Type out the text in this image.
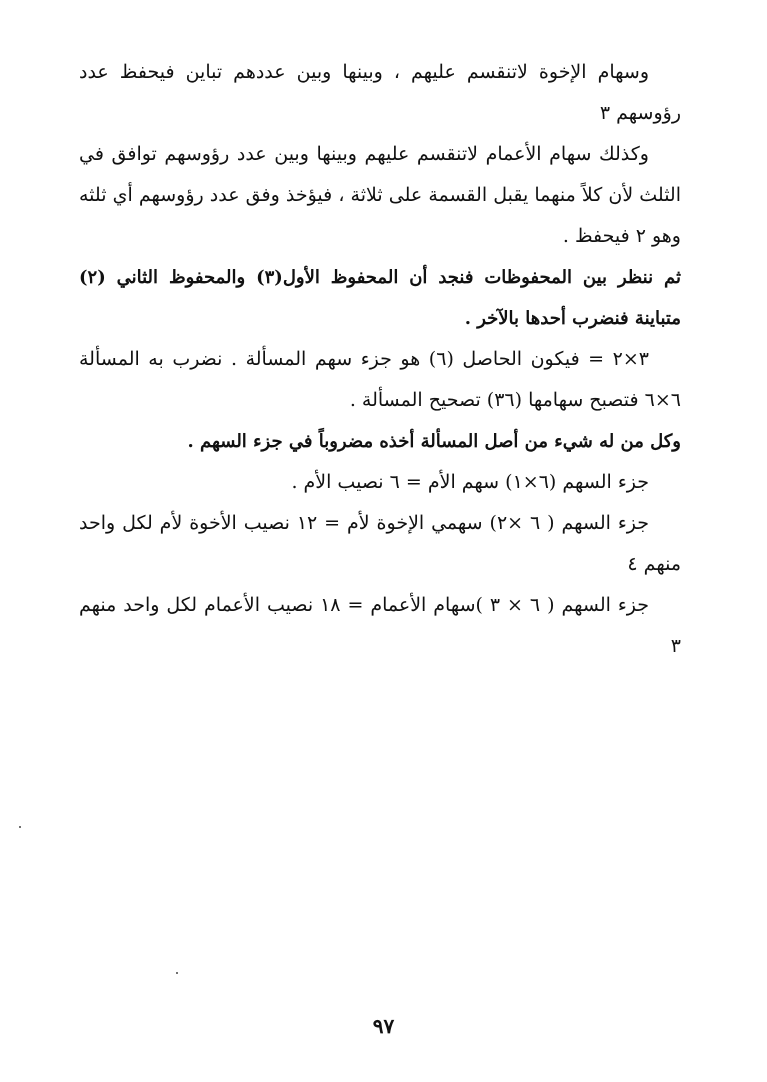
وسهام الإخوة لاتنقسم عليهم ، وبينها وبين عددهم تباين فيحفظ عدد رؤوسهم ٣

وكذلك سهام الأعمام لاتنقسم عليهم وبينها وبين عدد رؤوسهم توافق في الثلث لأن كلاً منهما يقبل القسمة على ثلاثة ، فيؤخذ وفق عدد رؤوسهم أي ثلثه وهو ٢ فيحفظ .

ثم ننظر بين المحفوظات فنجد أن المحفوظ الأول(٣) والمحفوظ الثاني (٢) متباينة فنضرب أحدها بالآخر .

٣×٢ = فيكون الحاصل (٦) هو جزء سهم المسألة . نضرب به المسألة ٦×٦ فتصبح سهامها (٣٦) تصحيح المسألة .

وكل من له شيء من أصل المسألة أخذه مضروباً في جزء السهم .

جزء السهم (٦×١) سهم الأم = ٦ نصيب الأم .

جزء السهم ( ٦ ×٢) سهمي الإخوة لأم = ١٢ نصيب الأخوة لأم لكل واحد منهم ٤

جزء السهم ( ٦ × ٣ )سهام الأعمام = ١٨ نصيب الأعمام لكل واحد منهم ٣

٩٧
